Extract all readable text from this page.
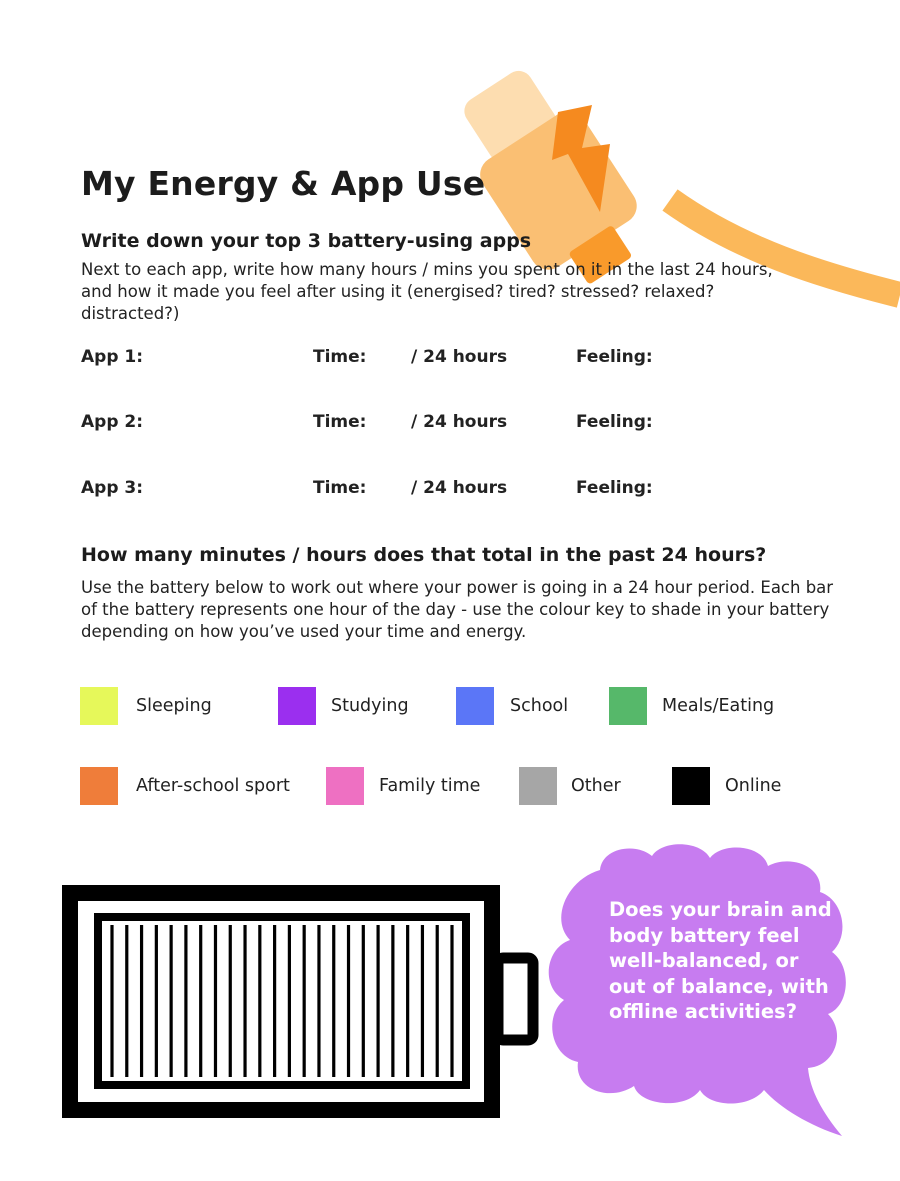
My Energy & App Use
Write down your top 3 battery-using apps

Next to each app, write how many hours / mins you spent on it in the last 24 hours, and how it made you feel after using it (energised? tired? stressed? relaxed? distracted?)

App 1:	Time:	/ 24 hours	Feeling:
App 2:	Time:	/ 24 hours	Feeling:
App 3:	Time:	/ 24 hours	Feeling:
How many minutes / hours does that total in the past 24 hours?

Use the battery below to work out where your power is going in a 24 hour period. Each bar of the battery represents one hour of the day - use the colour key to shade in your battery depending on how you’ve used your time and energy.

Sleeping	Studying	School	Meals/Eating
After-school sport	Family time	Other	Online

Does your brain and body battery feel well-balanced, or out of balance, with offline activities?
